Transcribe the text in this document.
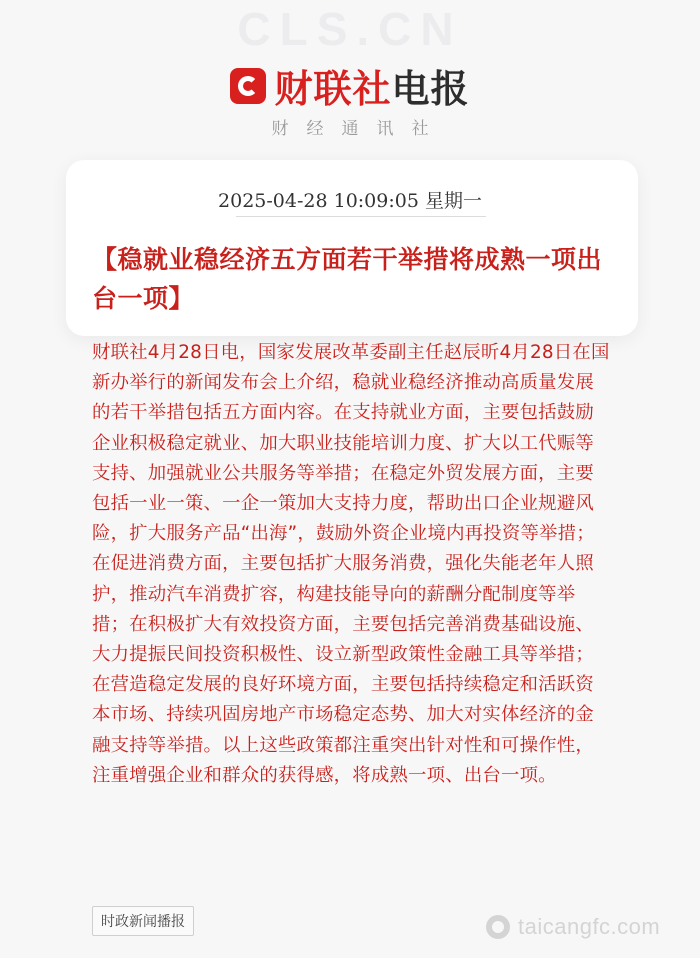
CLS.CN
财联社电报
财经通讯社
2025-04-28 10:09:05 星期一
【稳就业稳经济五方面若干举措将成熟一项出台一项】

财联社4月28日电，国家发展改革委副主任赵辰昕4月28日在国新办举行的新闻发布会上介绍，稳就业稳经济推动高质量发展的若干举措包括五方面内容。在支持就业方面，主要包括鼓励企业积极稳定就业、加大职业技能培训力度、扩大以工代赈等支持、加强就业公共服务等举措；在稳定外贸发展方面，主要包括一业一策、一企一策加大支持力度，帮助出口企业规避风险，扩大服务产品“出海”，鼓励外资企业境内再投资等举措；在促进消费方面，主要包括扩大服务消费，强化失能老年人照护，推动汽车消费扩容，构建技能导向的薪酬分配制度等举措；在积极扩大有效投资方面，主要包括完善消费基础设施、大力提振民间投资积极性、设立新型政策性金融工具等举措；在营造稳定发展的良好环境方面，主要包括持续稳定和活跃资本市场、持续巩固房地产市场稳定态势、加大对实体经济的金融支持等举措。以上这些政策都注重突出针对性和可操作性，注重增强企业和群众的获得感，将成熟一项、出台一项。

时政新闻播报	taicangfc.com
